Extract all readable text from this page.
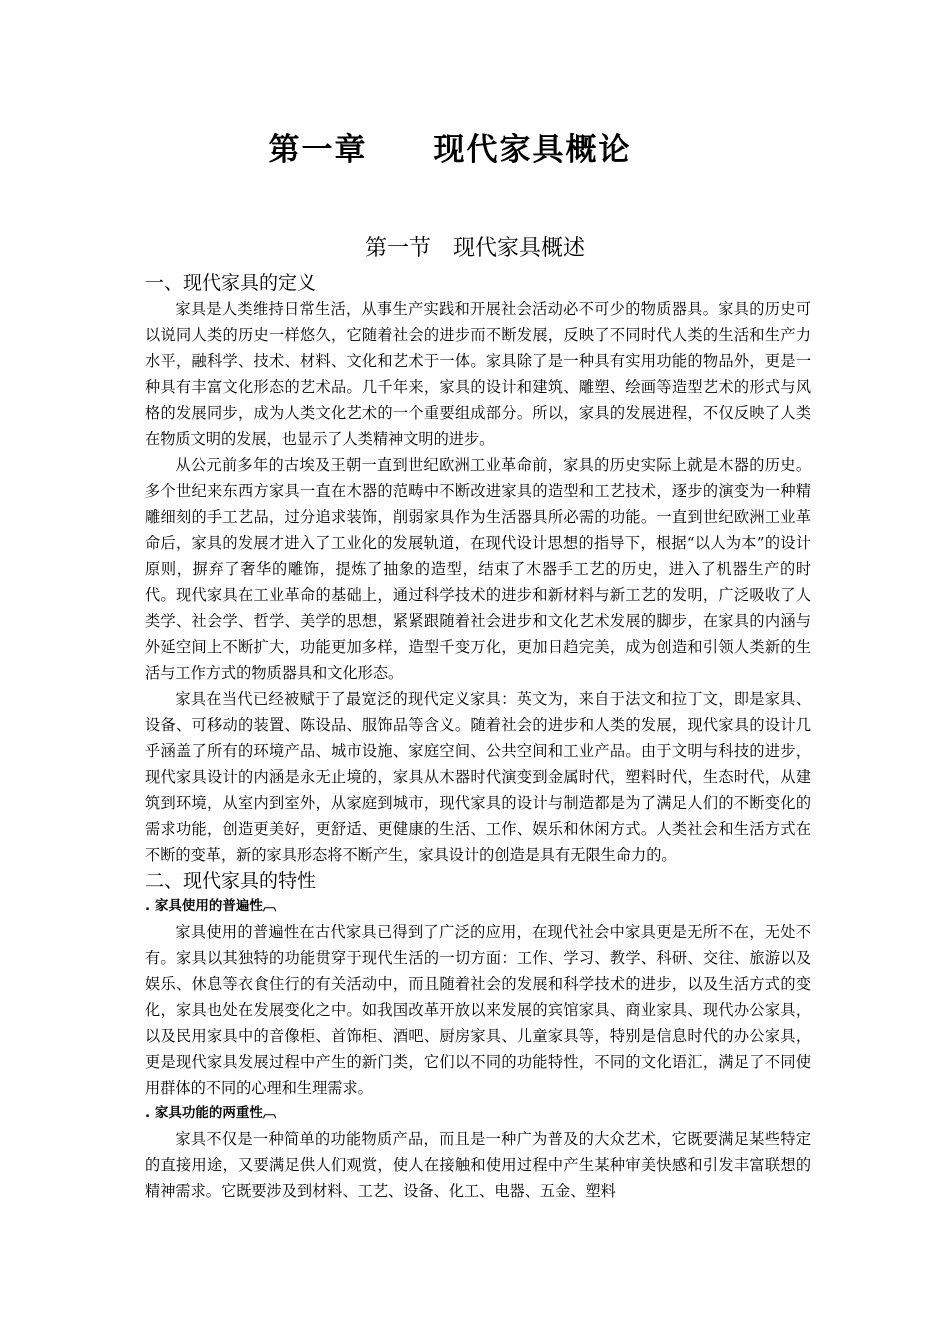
第一章　　现代家具概论
第一节　现代家具概述
一、现代家具的定义

家具是人类维持日常生活，从事生产实践和开展社会活动必不可少的物质器具。家具的历史可以说同人类的历史一样悠久，它随着社会的进步而不断发展，反映了不同时代人类的生活和生产力水平，融科学、技术、材料、文化和艺术于一体。家具除了是一种具有实用功能的物品外，更是一种具有丰富文化形态的艺术品。几千年来，家具的设计和建筑、雕塑、绘画等造型艺术的形式与风格的发展同步，成为人类文化艺术的一个重要组成部分。所以，家具的发展进程，不仅反映了人类在物质文明的发展，也显示了人类精神文明的进步。

从公元前多年的古埃及王朝一直到世纪欧洲工业革命前，家具的历史实际上就是木器的历史。多个世纪来东西方家具一直在木器的范畴中不断改进家具的造型和工艺技术，逐步的演变为一种精雕细刻的手工艺品，过分追求装饰，削弱家具作为生活器具所必需的功能。一直到世纪欧洲工业革命后，家具的发展才进入了工业化的发展轨道，在现代设计思想的指导下，根据“以人为本”的设计原则，摒弃了奢华的雕饰，提炼了抽象的造型，结束了木器手工艺的历史，进入了机器生产的时代。现代家具在工业革命的基础上，通过科学技术的进步和新材料与新工艺的发明，广泛吸收了人类学、社会学、哲学、美学的思想，紧紧跟随着社会进步和文化艺术发展的脚步，在家具的内涵与外延空间上不断扩大，功能更加多样，造型千变万化，更加日趋完美，成为创造和引领人类新的生活与工作方式的物质器具和文化形态。

家具在当代已经被赋于了最宽泛的现代定义家具：英文为，来自于法文和拉丁文，即是家具、设备、可移动的装置、陈设品、服饰品等含义。随着社会的进步和人类的发展，现代家具的设计几乎涵盖了所有的环境产品、城市设施、家庭空间、公共空间和工业产品。由于文明与科技的进步，现代家具设计的内涵是永无止境的，家具从木器时代演变到金属时代，塑料时代，生态时代，从建筑到环境，从室内到室外，从家庭到城市，现代家具的设计与制造都是为了满足人们的不断变化的需求功能，创造更美好，更舒适、更健康的生活、工作、娱乐和休闲方式。人类社会和生活方式在不断的变革，新的家具形态将不断产生，家具设计的创造是具有无限生命力的。

二、现代家具的特性
. 家具使用的普遍性︹

家具使用的普遍性在古代家具已得到了广泛的应用，在现代社会中家具更是无所不在，无处不有。家具以其独特的功能贯穿于现代生活的一切方面：工作、学习、教学、科研、交往、旅游以及娱乐、休息等衣食住行的有关活动中，而且随着社会的发展和科学技术的进步，以及生活方式的变化，家具也处在发展变化之中。如我国改革开放以来发展的宾馆家具、商业家具、现代办公家具，以及民用家具中的音像柜、首饰柜、酒吧、厨房家具、儿童家具等，特别是信息时代的办公家具，更是现代家具发展过程中产生的新门类，它们以不同的功能特性，不同的文化语汇，满足了不同使用群体的不同的心理和生理需求。

. 家具功能的两重性︹

家具不仅是一种简单的功能物质产品，而且是一种广为普及的大众艺术，它既要满足某些特定的直接用途，又要满足供人们观赏，使人在接触和使用过程中产生某种审美快感和引发丰富联想的精神需求。它既要涉及到材料、工艺、设备、化工、电器、五金、塑料
